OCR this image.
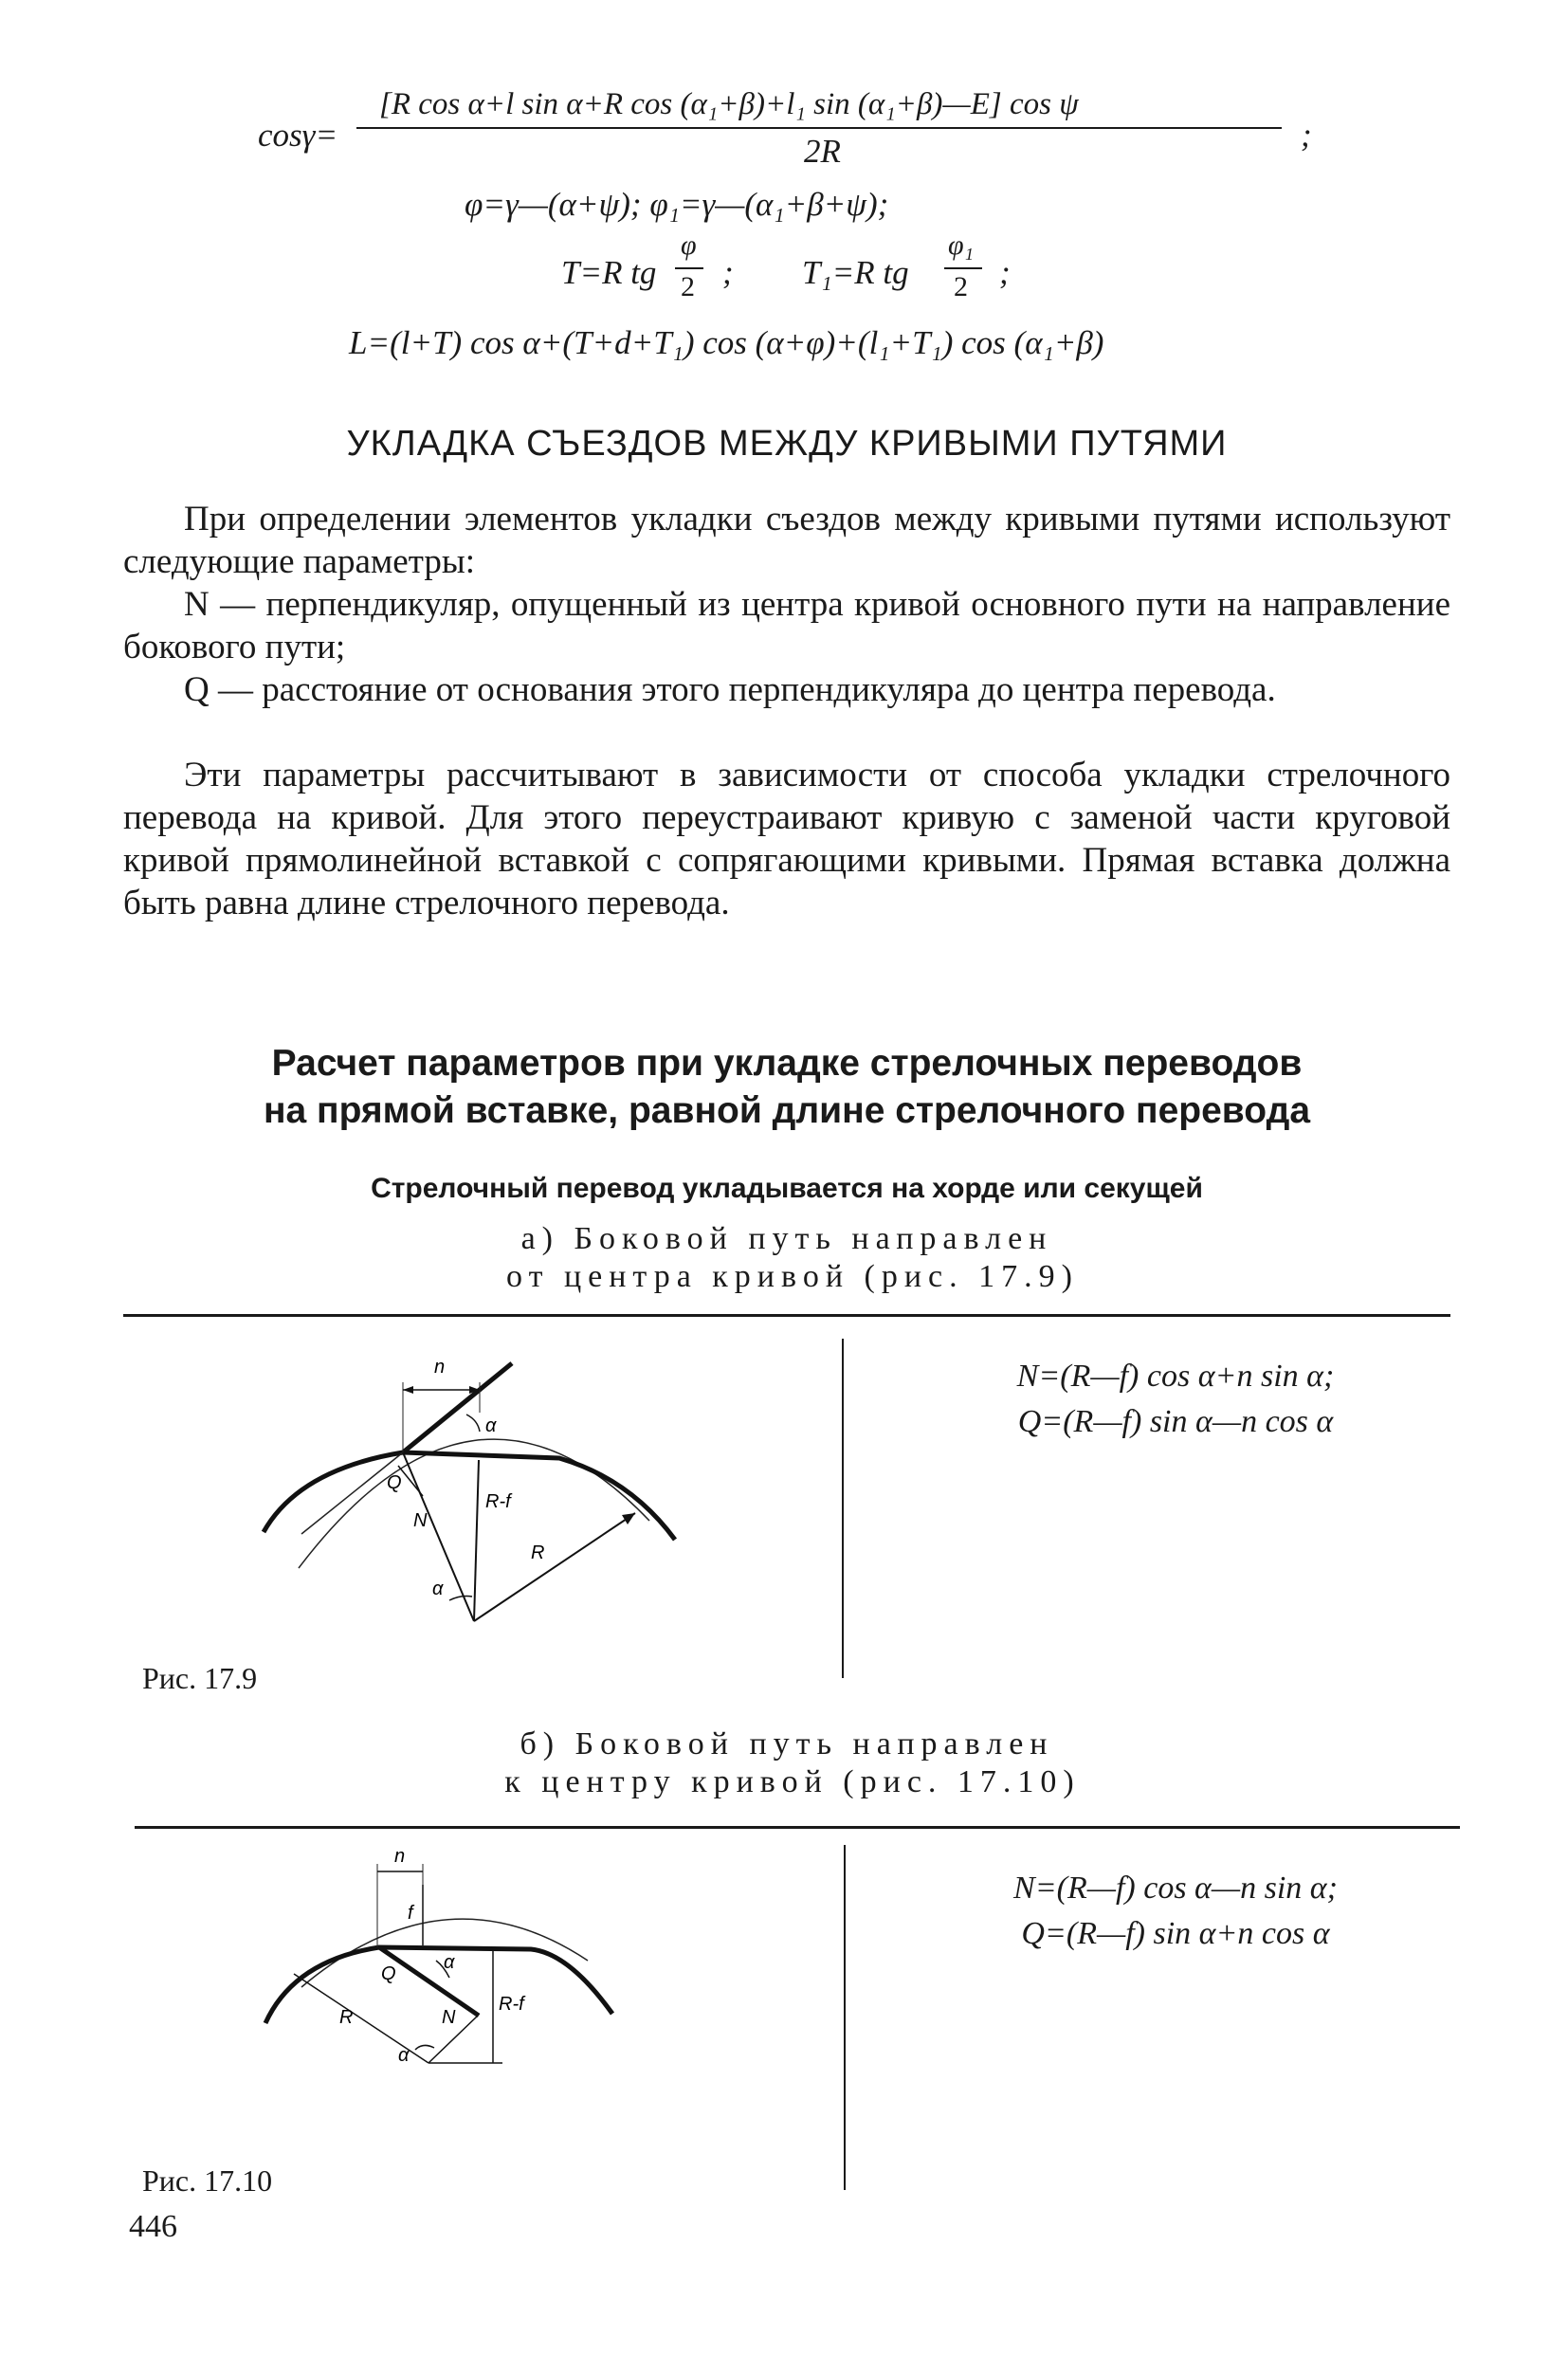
cosγ=
[R cos α+l sin α+R cos (α₁+β)+l₁ sin (α₁+β)—E] cos ψ
2R	;
φ=γ—(α+ψ); φ₁=γ—(α₁+β+ψ);
T=R tg
φ
2 ; T₁=R tg
φ₁
2 ;
L=(l+T) cos α+(T+d+T₁) cos (α+φ)+(l₁+T₁) cos (α₁+β)
УКЛАДКА СЪЕЗДОВ МЕЖДУ КРИВЫМИ ПУТЯМИ
При определении элементов укладки съездов между кривыми путями используют следующие параметры:
N — перпендикуляр, опущенный из центра кривой основного пути на направление бокового пути;
Q — расстояние от основания этого перпендикуляра до центра перевода.
Эти параметры рассчитывают в зависимости от способа укладки стрелочного перевода на кривой. Для этого переустраивают кривую с заменой части круговой кривой прямолинейной вставкой с сопрягающими кривыми. Прямая вставка должна быть равна длине стрелочного перевода.
Расчет параметров при укладке стрелочных переводов
на прямой вставке, равной длине стрелочного перевода
Стрелочный перевод укладывается на хорде или секущей
а) Боковой путь направлен
от центра кривой (рис. 17.9)
n
α
Q
N
α
R-f
R
N=(R—f) cos α+n sin α;
Q=(R—f) sin α—n cos α
Рис. 17.9
б) Боковой путь направлен
к центру кривой (рис. 17.10)
n
f
Q
α
R	N
α
R-f
N=(R—f) cos α—n sin α;
Q=(R—f) sin α+n cos α
Рис. 17.10
446
